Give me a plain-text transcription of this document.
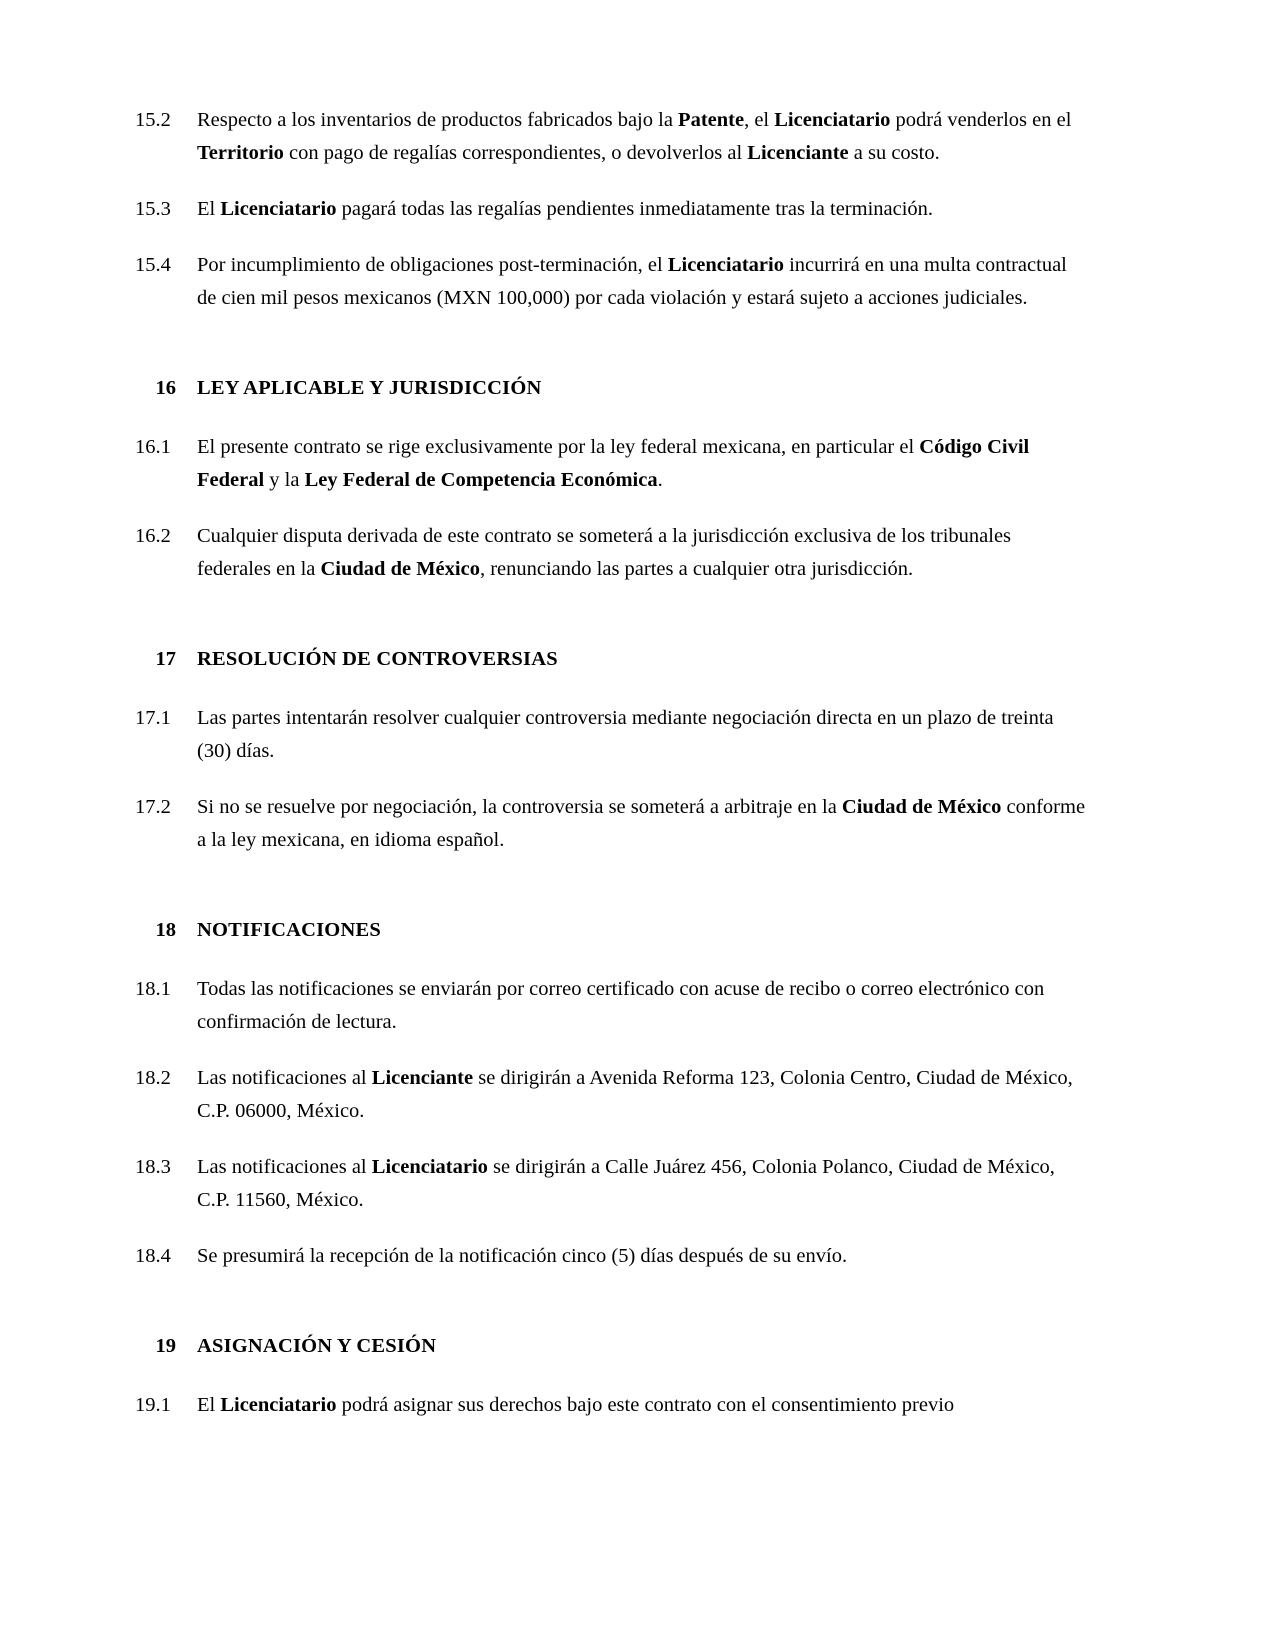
15.2	Respecto a los inventarios de productos fabricados bajo la Patente, el Licenciatario podrá venderlos en el Territorio con pago de regalías correspondientes, o devolverlos al Licenciante a su costo.
15.3	El Licenciatario pagará todas las regalías pendientes inmediatamente tras la terminación.
15.4	Por incumplimiento de obligaciones post-terminación, el Licenciatario incurrirá en una multa contractual de cien mil pesos mexicanos (MXN 100,000) por cada violación y estará sujeto a acciones judiciales.
16	LEY APLICABLE Y JURISDICCIÓN
16.1	El presente contrato se rige exclusivamente por la ley federal mexicana, en particular el Código Civil Federal y la Ley Federal de Competencia Económica.
16.2	Cualquier disputa derivada de este contrato se someterá a la jurisdicción exclusiva de los tribunales federales en la Ciudad de México, renunciando las partes a cualquier otra jurisdicción.
17	RESOLUCIÓN DE CONTROVERSIAS
17.1	Las partes intentarán resolver cualquier controversia mediante negociación directa en un plazo de treinta (30) días.
17.2	Si no se resuelve por negociación, la controversia se someterá a arbitraje en la Ciudad de México conforme a la ley mexicana, en idioma español.
18	NOTIFICACIONES
18.1	Todas las notificaciones se enviarán por correo certificado con acuse de recibo o correo electrónico con confirmación de lectura.
18.2	Las notificaciones al Licenciante se dirigirán a Avenida Reforma 123, Colonia Centro, Ciudad de México, C.P. 06000, México.
18.3	Las notificaciones al Licenciatario se dirigirán a Calle Juárez 456, Colonia Polanco, Ciudad de México, C.P. 11560, México.
18.4	Se presumirá la recepción de la notificación cinco (5) días después de su envío.
19	ASIGNACIÓN Y CESIÓN
19.1	El Licenciatario podrá asignar sus derechos bajo este contrato con el consentimiento previo
